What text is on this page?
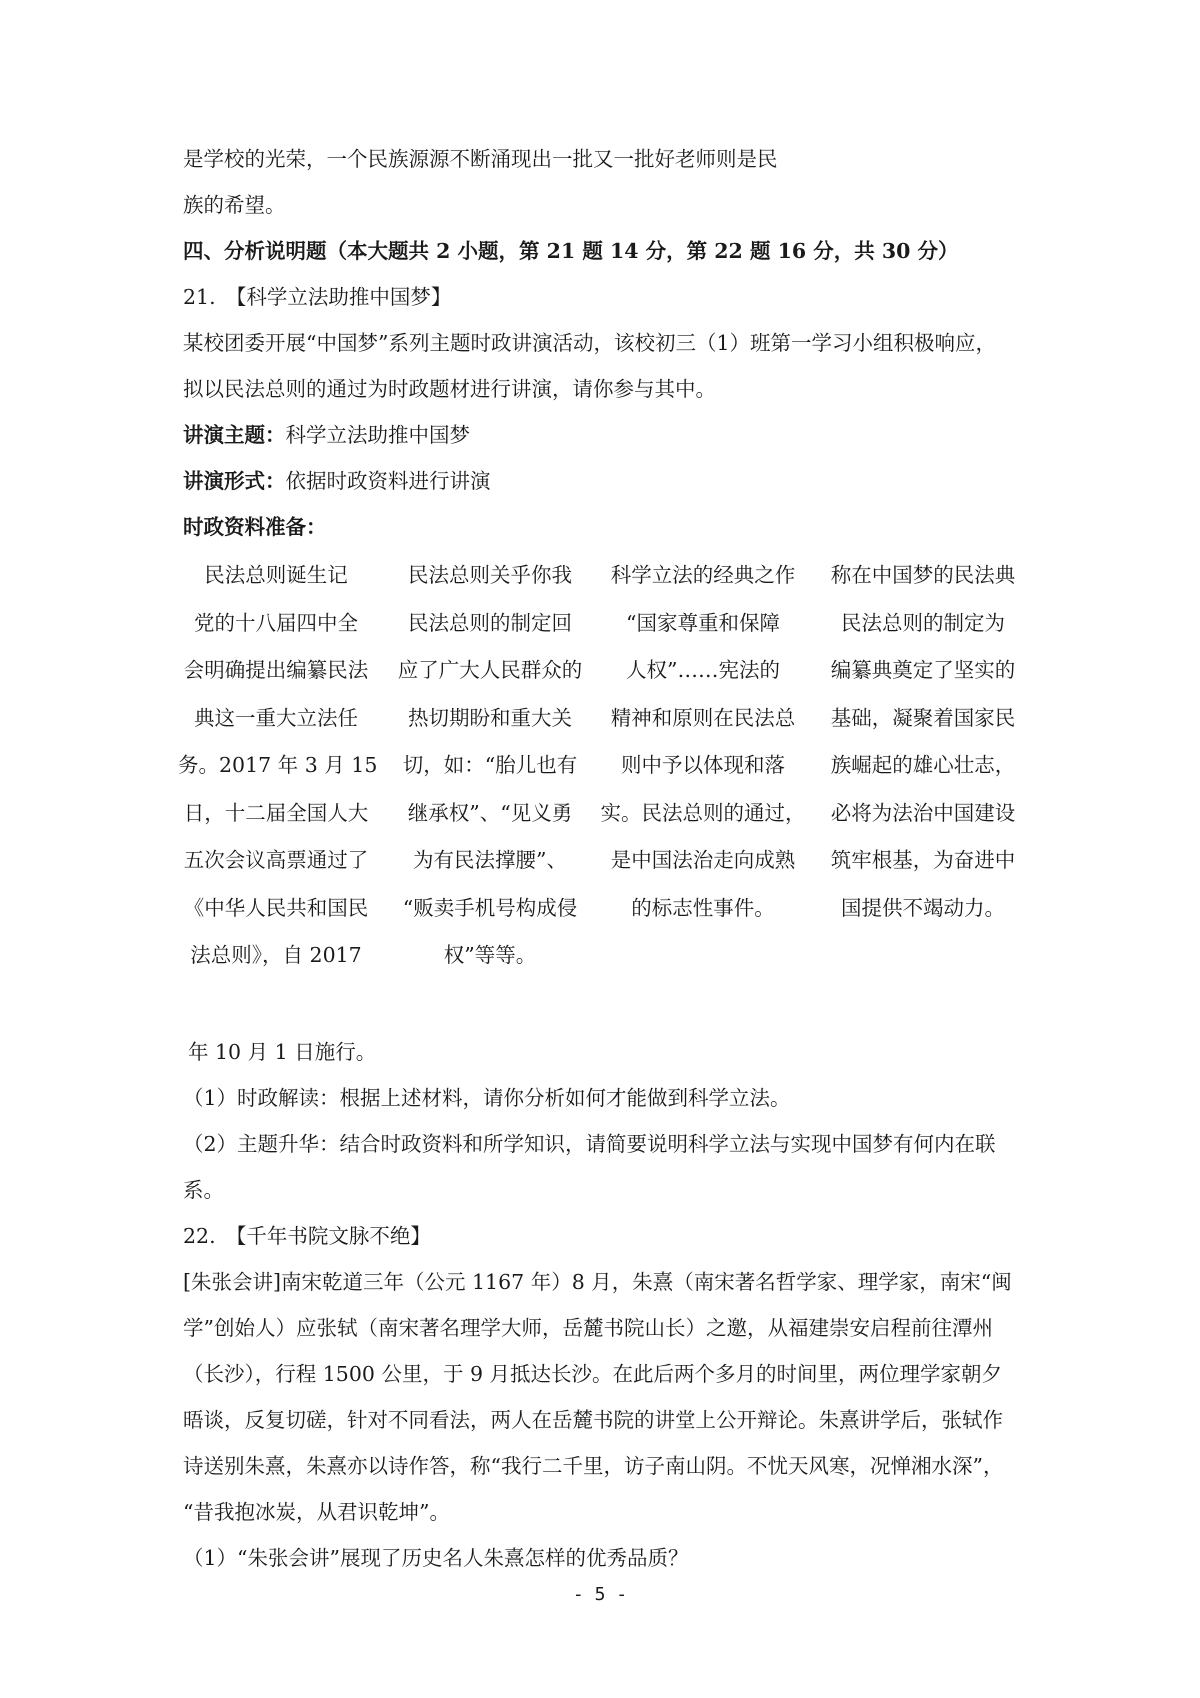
是学校的光荣，一个民族源源不断涌现出一批又一批好老师则是民
族的希望。
四、分析说明题（本大题共 2 小题，第 21 题 14 分，第 22 题 16 分，共 30 分）
21.　【科学立法助推中国梦】
某校团委开展“中国梦”系列主题时政讲演活动，该校初三（1）班第一学习小组积极响应，
拟以民法总则的通过为时政题材进行讲演，请你参与其中。
讲演主题：科学立法助推中国梦
讲演形式：依据时政资料进行讲演
时政资料准备：
民法总则诞生记
党的十八届四中全
会明确提出编纂民法
典这一重大立法任
务。2017 年 3 月 15
日，十二届全国人大
五次会议高票通过了
《中华人民共和国民
法总则》，自 2017
民法总则关乎你我
民法总则的制定回
应了广大人民群众的
热切期盼和重大关
切，如：“胎儿也有
继承权”、“见义勇
为有民法撑腰”、
“贩卖手机号构成侵
权”等等。
科学立法的经典之作
“国家尊重和保障
人权”……宪法的
精神和原则在民法总
则中予以体现和落
实。民法总则的通过，
是中国法治走向成熟
的标志性事件。
称在中国梦的民法典
民法总则的制定为
编纂典奠定了坚实的
基础，凝聚着国家民
族崛起的雄心壮志，
必将为法治中国建设
筑牢根基，为奋进中
国提供不竭动力。
年 10 月 1 日施行。
（1）时政解读：根据上述材料，请你分析如何才能做到科学立法。
（2）主题升华：结合时政资料和所学知识，请简要说明科学立法与实现中国梦有何内在联
系。
22.　【千年书院文脉不绝】
[朱张会讲]南宋乾道三年（公元 1167 年）8 月，朱熹（南宋著名哲学家、理学家，南宋“闽
学”创始人）应张轼（南宋著名理学大师，岳麓书院山长）之邀，从福建崇安启程前往潭州
（长沙），行程 1500 公里，于 9 月抵达长沙。在此后两个多月的时间里，两位理学家朝夕
晤谈，反复切磋，针对不同看法，两人在岳麓书院的讲堂上公开辩论。朱熹讲学后，张轼作
诗送别朱熹，朱熹亦以诗作答，称“我行二千里，访子南山阴。不忧天风寒，况惮湘水深”，
“昔我抱冰炭，从君识乾坤”。
（1）“朱张会讲”展现了历史名人朱熹怎样的优秀品质？
- 5 -
